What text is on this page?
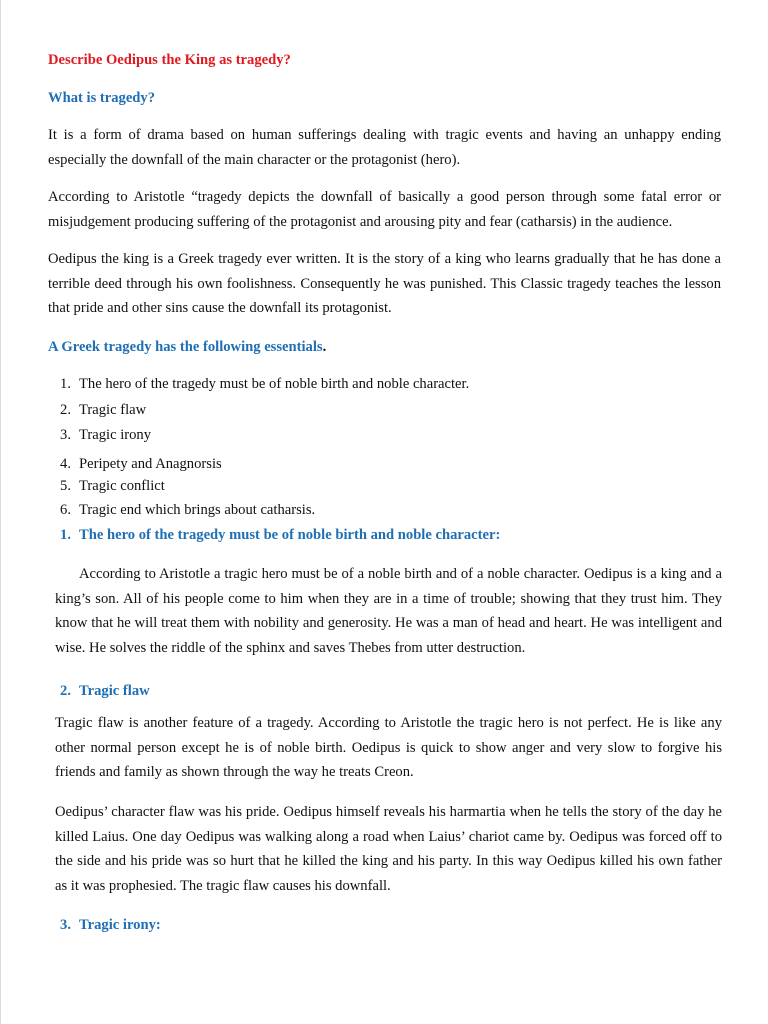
Describe Oedipus the King as tragedy?

What is tragedy?

It is a form of drama based on human sufferings dealing with tragic events and having an unhappy ending especially the downfall of the main character or the protagonist (hero).

According to Aristotle “tragedy depicts the downfall of basically a good person through some fatal error or misjudgement producing suffering of the protagonist and arousing pity and fear (catharsis) in the audience.

Oedipus the king is a Greek tragedy ever written. It is the story of a king who learns gradually that he has done a terrible deed through his own foolishness. Consequently he was punished. This Classic tragedy teaches the lesson that pride and other sins cause the downfall its protagonist.

A Greek tragedy has the following essentials.

1. The hero of the tragedy must be of noble birth and noble character.

2. Tragic flaw

3. Tragic irony

4. Peripety and Anagnorsis

5. Tragic conflict

6. Tragic end which brings about catharsis.

1. The hero of the tragedy must be of noble birth and noble character:

According to Aristotle a tragic hero must be of a noble birth and of a noble character. Oedipus is a king and a king’s son. All of his people come to him when they are in a time of trouble; showing that they trust him. They know that he will treat them with nobility and generosity. He was a man of head and heart. He was intelligent and wise. He solves the riddle of the sphinx and saves Thebes from utter destruction.

2. Tragic flaw

Tragic flaw is another feature of a tragedy. According to Aristotle the tragic hero is not perfect. He is like any other normal person except he is of noble birth. Oedipus is quick to show anger and very slow to forgive his friends and family as shown through the way he treats Creon.

Oedipus’ character flaw was his pride. Oedipus himself reveals his harmartia when he tells the story of the day he killed Laius. One day Oedipus was walking along a road when Laius’ chariot came by. Oedipus was forced off to the side and his pride was so hurt that he killed the king and his party. In this way Oedipus killed his own father as it was prophesied. The tragic flaw causes his downfall.

3. Tragic irony:
